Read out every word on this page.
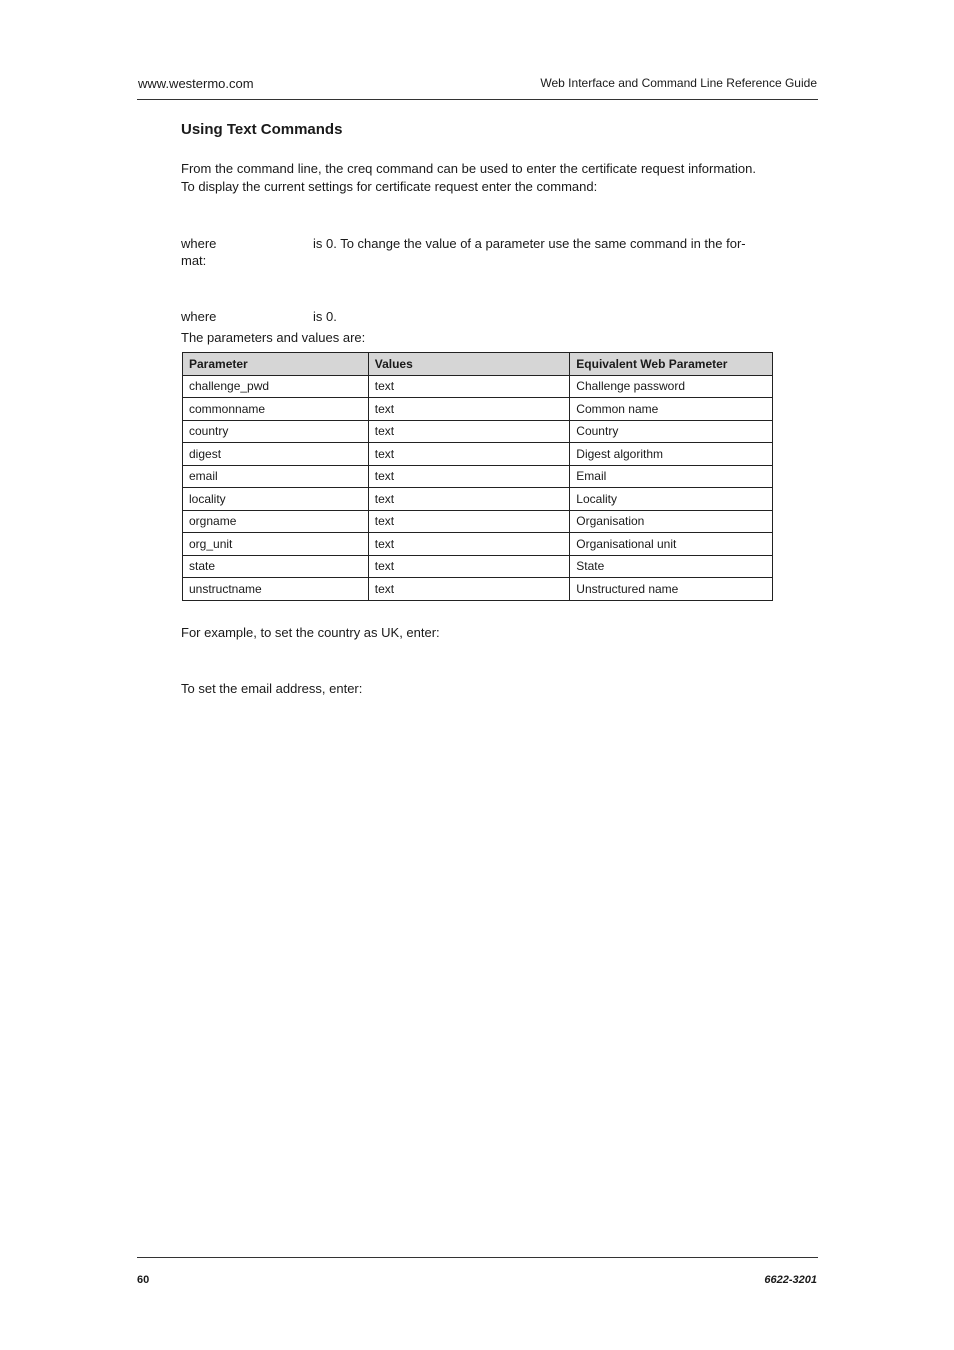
www.westermo.com	Web Interface and Command Line Reference Guide
Using Text Commands
From the command line, the creq command can be used to enter the certificate request information. To display the current settings for certificate request enter the command:
where	is 0. To change the value of a parameter use the same command in the for-
mat:
where	is 0.
The parameters and values are:
Parameter	Values	Equivalent Web Parameter
challenge_pwd	text	Challenge password
commonname	text	Common name
country	text	Country
digest	text	Digest algorithm
email	text	Email
locality	text	Locality
orgname	text	Organisation
org_unit	text	Organisational unit
state	text	State
unstructname	text	Unstructured name
For example, to set the country as UK, enter:
To set the email address, enter:
60	6622-3201
